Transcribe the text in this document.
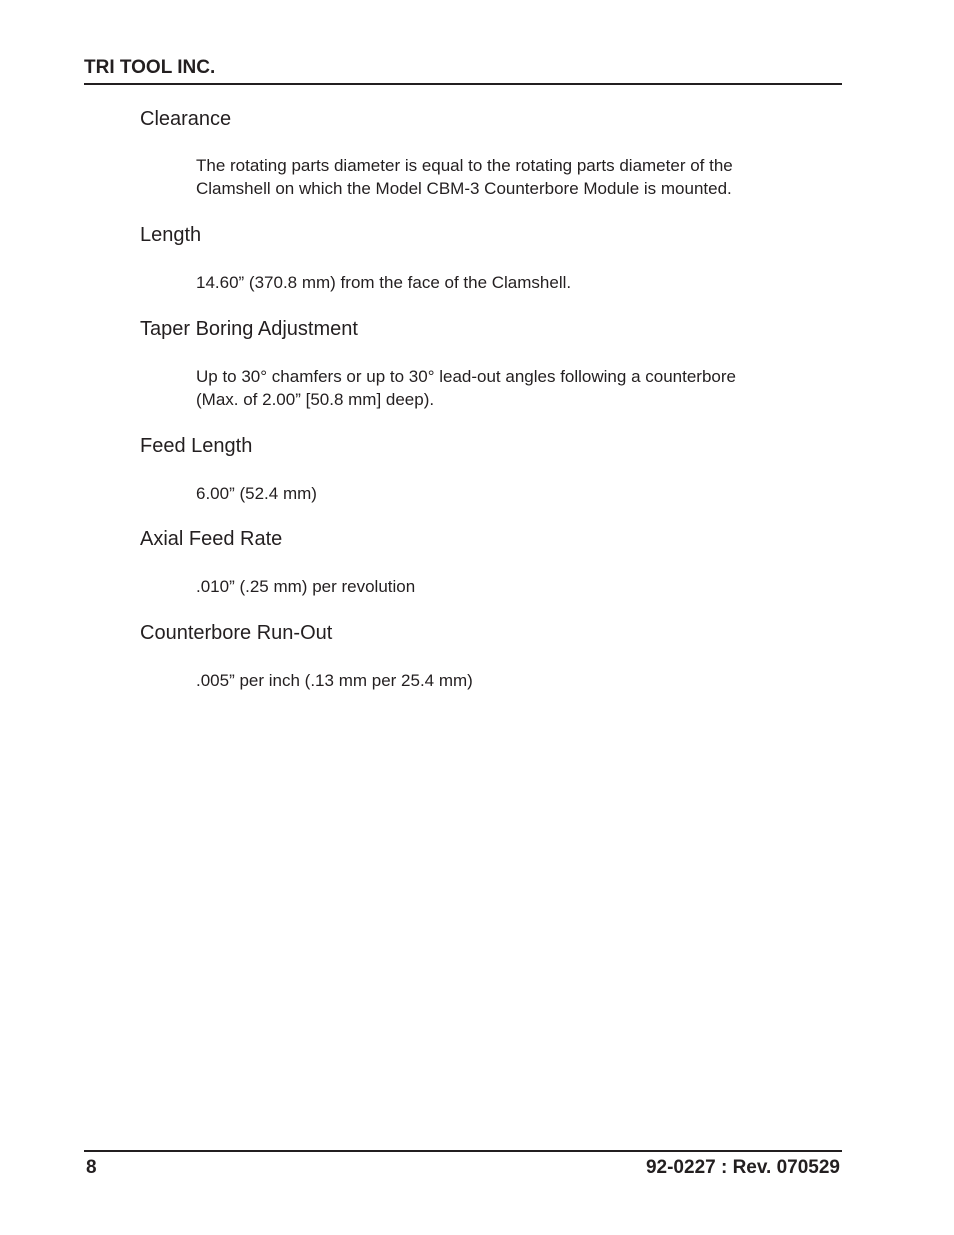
TRI TOOL INC.
Clearance
The rotating parts diameter is equal to the rotating parts diameter of the
Clamshell on which the Model CBM-3 Counterbore Module is mounted.
Length
14.60” (370.8 mm) from the face of the Clamshell.
Taper Boring Adjustment
Up to 30° chamfers or up to 30° lead-out angles following a counterbore
(Max. of 2.00” [50.8 mm] deep).
Feed Length
6.00” (52.4 mm)
Axial Feed Rate
.010” (.25 mm) per revolution
Counterbore Run-Out
.005” per inch (.13 mm per 25.4 mm)
8	92-0227 : Rev. 070529
